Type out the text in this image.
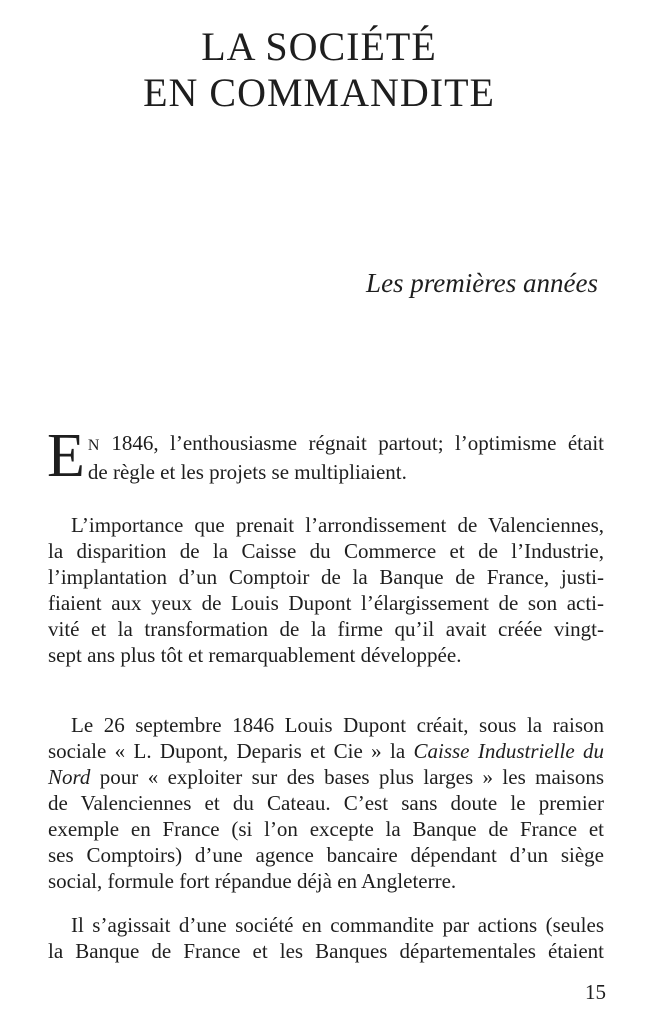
LA SOCIÉTÉ
EN COMMANDITE

Les premières années

E N 1846, l’enthousiasme régnait partout; l’optimisme était
de règle et les projets se multipliaient.
L’importance que prenait l’arrondissement de Valenciennes,
la disparition de la Caisse du Commerce et de l’Industrie,
l’implantation d’un Comptoir de la Banque de France, justi-
fiaient aux yeux de Louis Dupont l’élargissement de son acti-
vité et la transformation de la firme qu’il avait créée vingt-
sept ans plus tôt et remarquablement développée.
Le 26 septembre 1846 Louis Dupont créait, sous la raison
sociale « L. Dupont, Deparis et Cie » la Caisse Industrielle du
Nord pour « exploiter sur des bases plus larges » les maisons
de Valenciennes et du Cateau. C’est sans doute le premier
exemple en France (si l’on excepte la Banque de France et
ses Comptoirs) d’une agence bancaire dépendant d’un siège
social, formule fort répandue déjà en Angleterre.
Il s’agissait d’une société en commandite par actions (seules
la Banque de France et les Banques départementales étaient

15
